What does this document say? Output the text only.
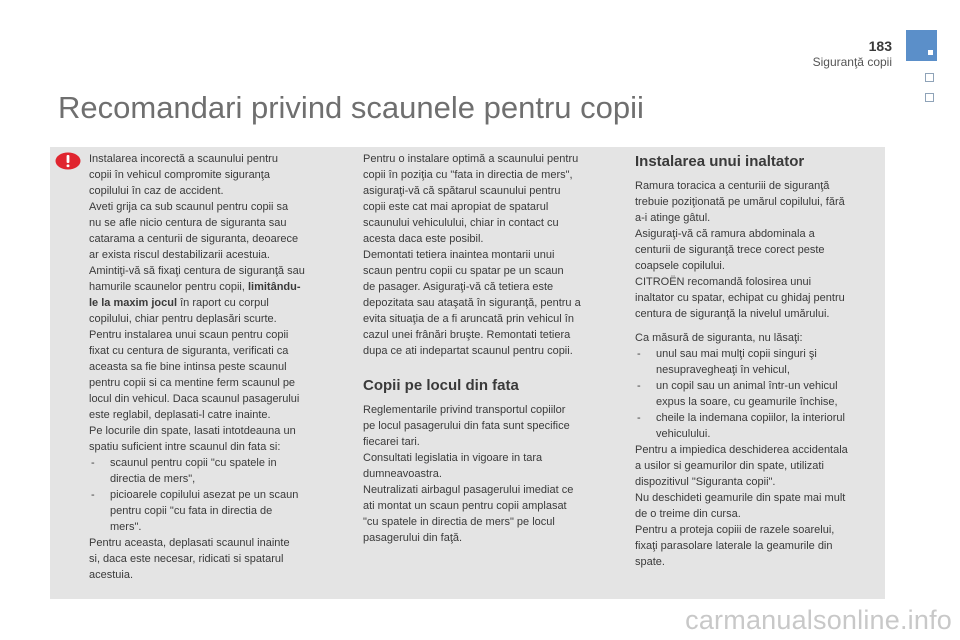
183
Siguranţă copii
Recomandari privind scaunele pentru copii

Instalarea incorectă a scaunului pentru

copii în vehicul compromite siguranţa

copilului în caz de accident.

Aveti grija ca sub scaunul pentru copii sa

nu se afle nicio centura de siguranta sau

catarama a centurii de siguranta, deoarece

ar exista riscul destabilizarii acestuia.

Amintiţi-vă să fixaţi centura de siguranţă sau

hamurile scaunelor pentru copii, limitându-

le la maxim jocul în raport cu corpul

copilului, chiar pentru deplasări scurte.

Pentru instalarea unui scaun pentru copii

fixat cu centura de siguranta, verificati ca

aceasta sa fie bine intinsa peste scaunul

pentru copii si ca mentine ferm scaunul pe

locul din vehicul. Daca scaunul pasagerului

este reglabil, deplasati-l catre inainte.

Pe locurile din spate, lasati intotdeauna un

spatiu suficient intre scaunul din fata si:

- scaunul pentru copii "cu spatele in

directia de mers",

- picioarele copilului asezat pe un scaun

pentru copii "cu fata in directia de

mers".

Pentru aceasta, deplasati scaunul inainte

si, daca este necesar, ridicati si spatarul

acestuia.

Pentru o instalare optimă a scaunului pentru

copii în poziţia cu "fata in directia de mers",

asiguraţi-vă că spătarul scaunului pentru

copii este cat mai apropiat de spatarul

scaunului vehiculului, chiar in contact cu

acesta daca este posibil.

Demontati tetiera inaintea montarii unui

scaun pentru copii cu spatar pe un scaun

de pasager. Asiguraţi-vă că tetiera este

depozitata sau ataşată în siguranţă, pentru a

evita situaţia de a fi aruncată prin vehicul în

cazul unei frânări bruşte. Remontati tetiera

dupa ce ati indepartat scaunul pentru copii.

Copii pe locul din fata

Reglementarile privind transportul copiilor

pe locul pasagerului din fata sunt specifice

fiecarei tari.

Consultati legislatia in vigoare in tara

dumneavoastra.

Neutralizati airbagul pasagerului imediat ce

ati montat un scaun pentru copii amplasat

"cu spatele in directia de mers" pe locul

pasagerului din faţă.

Instalarea unui inaltator

Ramura toracica a centuriii de siguranţă

trebuie poziţionată pe umărul copilului, fără

a-i atinge gâtul.

Asiguraţi-vă că ramura abdominala a

centurii de siguranţă trece corect peste

coapsele copilului.

CITROËN recomandă folosirea unui

inaltator cu spatar, echipat cu ghidaj pentru

centura de siguranţă la nivelul umărului.

Ca măsură de siguranta, nu lăsaţi:

- unul sau mai mulţi copii singuri şi

nesupravegheaţi în vehicul,

- un copil sau un animal într-un vehicul

expus la soare, cu geamurile închise,

- cheile la indemana copiilor, la interiorul

vehiculului.

Pentru a impiedica deschiderea accidentala

a usilor si geamurilor din spate, utilizati

dispozitivul "Siguranta copii".

Nu deschideti geamurile din spate mai mult

de o treime din cursa.

Pentru a proteja copiii de razele soarelui,

fixaţi parasolare laterale la geamurile din

spate.

carmanualsonline.info
